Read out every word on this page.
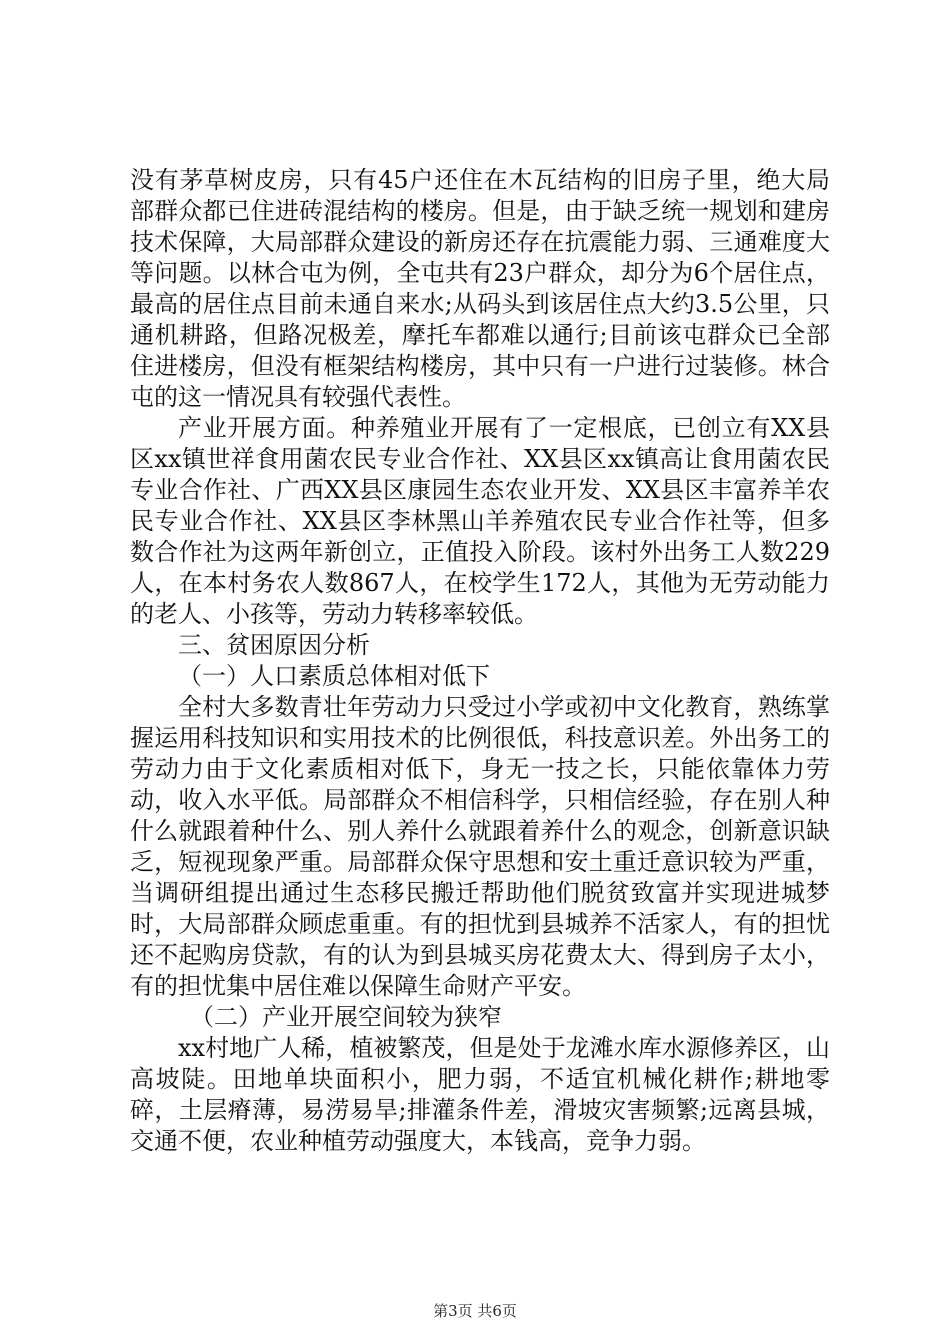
没有茅草树皮房，只有45户还住在木瓦结构的旧房子里，绝大局部群众都已住进砖混结构的楼房。但是，由于缺乏统一规划和建房技术保障，大局部群众建设的新房还存在抗震能力弱、三通难度大等问题。以林合屯为例，全屯共有23户群众，却分为6个居住点，最高的居住点目前未通自来水;从码头到该居住点大约3.5公里，只通机耕路，但路况极差，摩托车都难以通行;目前该屯群众已全部住进楼房，但没有框架结构楼房，其中只有一户进行过装修。林合屯的这一情况具有较强代表性。

产业开展方面。种养殖业开展有了一定根底，已创立有XX县区xx镇世祥食用菌农民专业合作社、XX县区xx镇高让食用菌农民专业合作社、广西XX县区康园生态农业开发、XX县区丰富养羊农民专业合作社、XX县区李林黑山羊养殖农民专业合作社等，但多数合作社为这两年新创立，正值投入阶段。该村外出务工人数229人，在本村务农人数867人，在校学生172人，其他为无劳动能力的老人、小孩等，劳动力转移率较低。

三、贫困原因分析

（一）人口素质总体相对低下

全村大多数青壮年劳动力只受过小学或初中文化教育，熟练掌握运用科技知识和实用技术的比例很低，科技意识差。外出务工的劳动力由于文化素质相对低下，身无一技之长，只能依靠体力劳动，收入水平低。局部群众不相信科学，只相信经验，存在别人种什么就跟着种什么、别人养什么就跟着养什么的观念，创新意识缺乏，短视现象严重。局部群众保守思想和安土重迁意识较为严重，当调研组提出通过生态移民搬迁帮助他们脱贫致富并实现进城梦时，大局部群众顾虑重重。有的担忧到县城养不活家人，有的担忧还不起购房贷款，有的认为到县城买房花费太大、得到房子太小，有的担忧集中居住难以保障生命财产平安。

（二）产业开展空间较为狭窄

xx村地广人稀，植被繁茂，但是处于龙滩水库水源修养区，山高坡陡。田地单块面积小，肥力弱，不适宜机械化耕作;耕地零碎，土层瘠薄，易涝易旱;排灌条件差，滑坡灾害频繁;远离县城，交通不便，农业种植劳动强度大，本钱高，竞争力弱。

第3页 共6页
